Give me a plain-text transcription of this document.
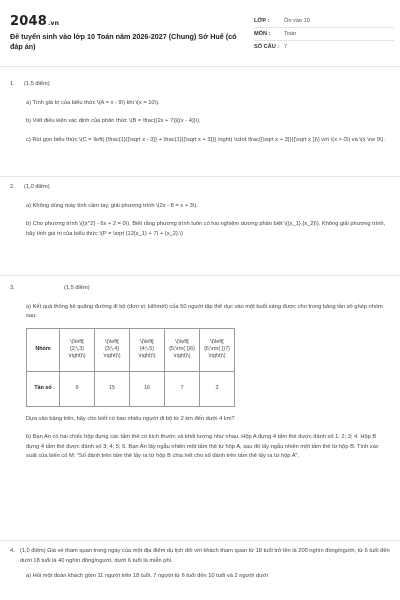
2048.vn
Đề tuyển sinh vào lớp 10 Toán năm 2026-2027 (Chung) Sở Huế (có đáp án)
LỚP :	Ôn vào 10
MÔN :	Toán
SỐ CÂU : 7
1.	(1,5 điểm)
a) Tính giá trị của biểu thức \(A = x - 9\) khi \(x = 10\).
b) Viết điều kiện xác định của phân thức \(B = \frac{(2x + 7)}{(x - 4)}\).
c) Rút gọn biểu thức \(C = \left( {\frac{1}{{\sqrt x - 3}} + \frac{1}{{\sqrt x + 3}}} \right) \cdot \frac{{\sqrt x + 3}}{{\sqrt x }}\) với \(x > 0\) và \(x \ne 9\).
2.	(1,0 điểm)
a) Không dùng máy tính cầm tay, giải phương trình \(2x - 8 = x + 3\).
b) Cho phương trình \({x^2} - 6x + 2 = 0\). Biết rằng phương trình luôn có hai nghiệm dương phân biệt \({x_1},{x_2}\). Không giải phương trình, hãy tính giá trị của biểu thức \(P = \sqrt {12{x_1} + 7} + {x_2}.\)
3.	(1,5 điểm)
a) Kết quả thống kê quãng đường đi bộ (đơn vị: kilômét) của 50 người tập thể dục vào một buổi sáng được cho trong bảng tần số ghép nhóm sau:
Nhóm	\(\left[ {2;\,3} \right)\)	\(\left[ {3;\,4} \right)\)	\(\left[ {4;\,5} \right)\)	\(\left[ {5;\rm{ }}6} \right)\)	\(\left[ {6;\rm{ }}7} \right)\)
Tần số	9	15	16	7	3
Dựa vào bảng trên, hãy cho biết có bao nhiêu người đi bộ từ 2 km đến dưới 4 km?
b) Bạn An có hai chiếc hộp đựng các tấm thẻ có kích thước và khối lượng như nhau. Hộp A đựng 4 tấm thẻ được đánh số 1; 2; 3; 4. Hộp B đựng 4 tấm thẻ được đánh số 3; 4; 5; 6. Bạn An lấy ngẫu nhiên một tấm thẻ từ hộp A, sau đó lấy ngẫu nhiên một tấm thẻ từ hộp B. Tính xác suất của biến cố M: "Số đánh trên tấm thẻ lấy ra từ hộp B chia hết cho số đánh trên tấm thẻ lấy ra từ hộp A".
4. (1,0 điểm) Giá vé tham quan trong ngày của một địa điểm du lịch đối với khách tham quan từ 18 tuổi trở lên là 200 nghìn đồng/người, từ 6 tuổi đến dưới 18 tuổi là 40 nghìn đồng/người, dưới 6 tuổi là miễn phí.
a) Hỏi một đoàn khách gồm 11 người trên 18 tuổi, 7 người từ 6 tuổi đến 10 tuổi và 2 người dưới
